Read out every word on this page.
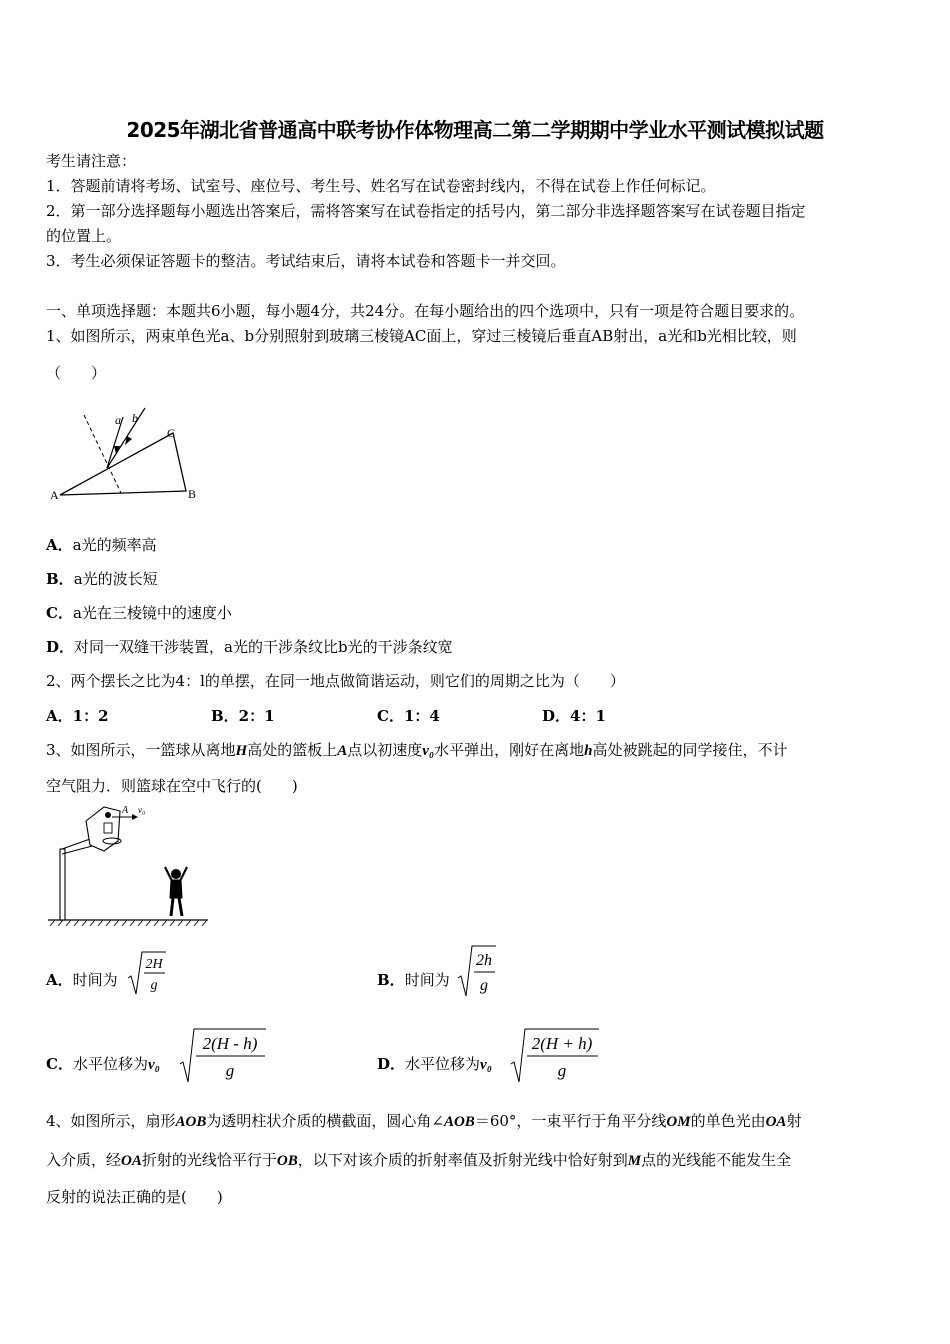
2025年湖北省普通高中联考协作体物理高二第二学期期中学业水平测试模拟试题
考生请注意：
1．答题前请将考场、试室号、座位号、考生号、姓名写在试卷密封线内，不得在试卷上作任何标记。
2．第一部分选择题每小题选出答案后，需将答案写在试卷指定的括号内，第二部分非选择题答案写在试卷题目指定
的位置上。
3．考生必须保证答题卡的整洁。考试结束后，请将本试卷和答题卡一并交回。
一、单项选择题：本题共6小题，每小题4分，共24分。在每小题给出的四个选项中，只有一项是符合题目要求的。
1、如图所示，两束单色光a、b分别照射到玻璃三棱镜AC面上，穿过三棱镜后垂直AB射出，a光和b光相比较，则
（　　）
a b
A	B
C
A．a光的频率高
B．a光的波长短
C．a光在三棱镜中的速度小
D．对同一双缝干涉装置，a光的干涉条纹比b光的干涉条纹宽
2、两个摆长之比为4：l的单摆，在同一地点做简谐运动，则它们的周期之比为（　　）
A．1：2	B．2：1	C．1：4	D．4：1
3、如图所示，一篮球从离地H高处的篮板上A点以初速度v₀水平弹出，刚好在离地h高处被跳起的同学接住，不计
空气阻力．则篮球在空中飞行的(　　)
A v₀
A．时间为
2H
g	B．时间为
2h
g
C．水平位移为v₀
2(H - h)
g	D．水平位移为v₀
2(H + h)
g
4、如图所示，扇形AOB为透明柱状介质的横截面，圆心角∠AOB＝60°，一束平行于角平分线OM的单色光由OA射
入介质，经OA折射的光线恰平行于OB，以下对该介质的折射率值及折射光线中恰好射到M点的光线能不能发生全
反射的说法正确的是(　　)
